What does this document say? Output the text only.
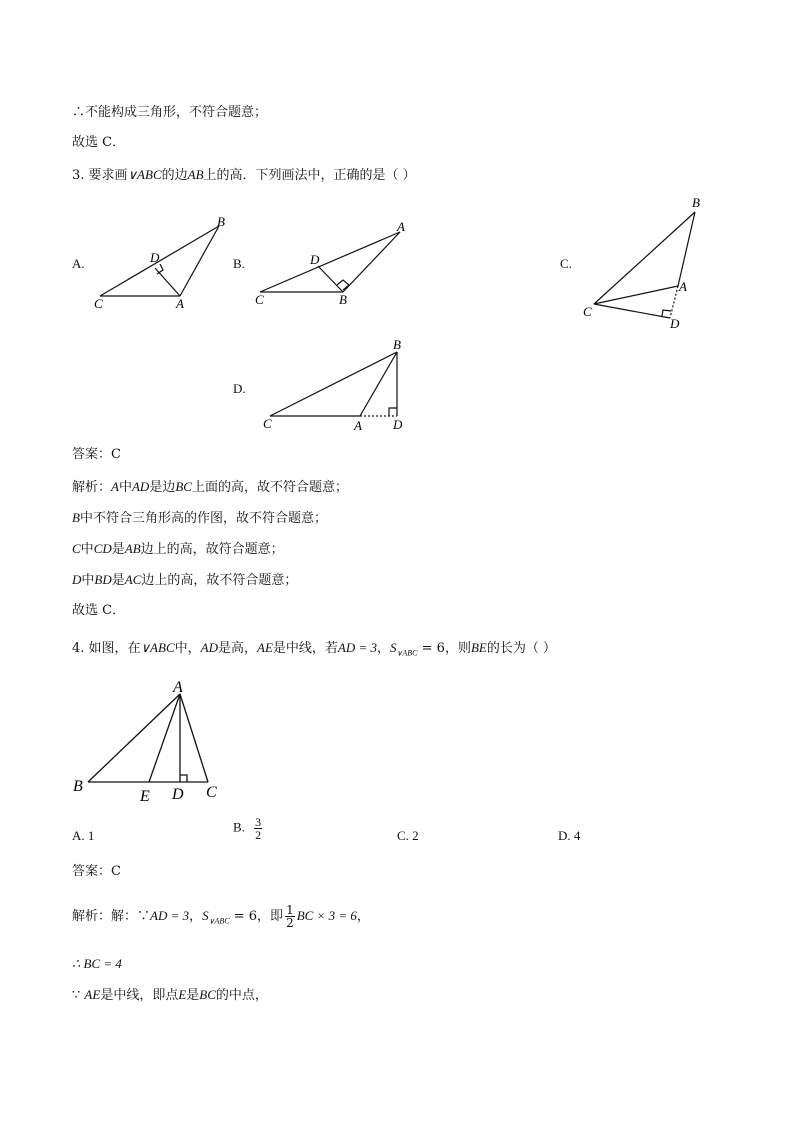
∴不能构成三角形，不符合题意；
故选 C．
3. 要求画∨ABC的边AB上的高．下列画法中，正确的是（ ）
A.	B.	C.
D.
C	A
B
D
C	B
A
D
C
B
A
D
C	A
B
D
答案：C
解析：A中AD是边BC上面的高，故不符合题意；
B中不符合三角形高的作图，故不符合题意；
C中CD是AB边上的高，故符合题意；
D中BD是AC边上的高，故不符合题意；
故选 C．
4. 如图，在∨ABC中，AD是高，AE是中线，若AD = 3，$S_{\vee ABC} = 6$，则BE的长为（ ）
A
B
E D C
A. 1
B. $\frac{3}{2}$	C. 2	D. 4
答案：C
解析：解：∵AD = 3，$S_{\vee ABC} = 6$，即 $\frac{1}{2}$ BC × 3 = 6，
∴ BC = 4
∵ AE是中线，即点E是BC的中点，
